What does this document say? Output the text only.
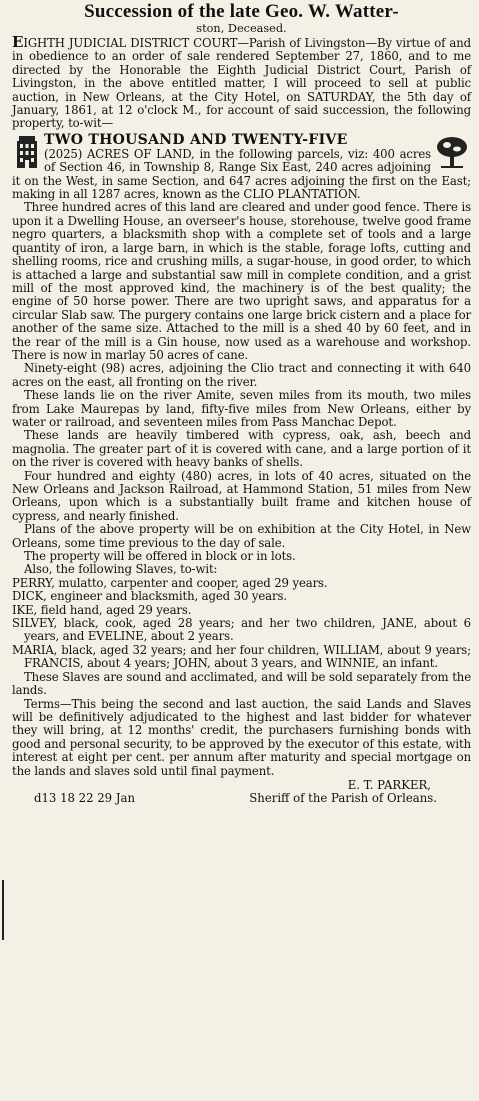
Succession of the late Geo. W. Watter-
ston, Deceased.

EIGHTH JUDICIAL DISTRICT COURT—Parish of Livingston—By virtue of and in obedience to an order of sale rendered September 27, 1860, and to me directed by the Honorable the Eighth Judicial District Court, Parish of Livingston, in the above entitled matter, I will proceed to sell at public auction, in New Orleans, at the City Hotel, on SATURDAY, the 5th day of January, 1861, at 12 o'clock M., for account of said succession, the following property, to-wit—

TWO THOUSAND AND TWENTY-FIVE

(2025) ACRES OF LAND, in the following parcels, viz: 400 acres of Section 46, in Township 8, Range Six East, 240 acres adjoining it on the West, in same Section, and 647 acres adjoining the first on the East; making in all 1287 acres, known as the CLIO PLANTATION.

Three hundred acres of this land are cleared and under good fence. There is upon it a Dwelling House, an overseer's house, storehouse, twelve good frame negro quarters, a blacksmith shop with a complete set of tools and a large quantity of iron, a large barn, in which is the stable, forage lofts, cutting and shelling rooms, rice and crushing mills, a sugar-house, in good order, to which is attached a large and substantial saw mill in complete condition, and a grist mill of the most approved kind, the machinery is of the best quality; the engine of 50 horse power. There are two upright saws, and apparatus for a circular Slab saw. The purgery contains one large brick cistern and a place for another of the same size. Attached to the mill is a shed 40 by 60 feet, and in the rear of the mill is a Gin house, now used as a warehouse and workshop. There is now in marlay 50 acres of cane.

Ninety-eight (98) acres, adjoining the Clio tract and connecting it with 640 acres on the east, all fronting on the river.

These lands lie on the river Amite, seven miles from its mouth, two miles from Lake Maurepas by land, fifty-five miles from New Orleans, either by water or railroad, and seventeen miles from Pass Manchac Depot.

These lands are heavily timbered with cypress, oak, ash, beech and magnolia. The greater part of it is covered with cane, and a large portion of it on the river is covered with heavy banks of shells.

Four hundred and eighty (480) acres, in lots of 40 acres, situated on the New Orleans and Jackson Railroad, at Hammond Station, 51 miles from New Orleans, upon which is a substantially built frame and kitchen house of cypress, and nearly finished.

Plans of the above property will be on exhibition at the City Hotel, in New Orleans, some time previous to the day of sale.

The property will be offered in block or in lots.

Also, the following Slaves, to-wit:

PERRY, mulatto, carpenter and cooper, aged 29 years.

DICK, engineer and blacksmith, aged 30 years.

IKE, field hand, aged 29 years.

SILVEY, black, cook, aged 28 years; and her two children, JANE, about 6 years, and EVELINE, about 2 years.

MARIA, black, aged 32 years; and her four children, WILLIAM, about 9 years; FRANCIS, about 4 years; JOHN, about 3 years, and WINNIE, an infant.

These Slaves are sound and acclimated, and will be sold separately from the lands.

Terms—This being the second and last auction, the said Lands and Slaves will be definitively adjudicated to the highest and last bidder for whatever they will bring, at 12 months' credit, the purchasers furnishing bonds with good and personal security, to be approved by the executor of this estate, with interest at eight per cent. per annum after maturity and special mortgage on the lands and slaves sold until final payment.

E. T. PARKER,
d13 18 22 29 Jan	Sheriff of the Parish of Orleans.
